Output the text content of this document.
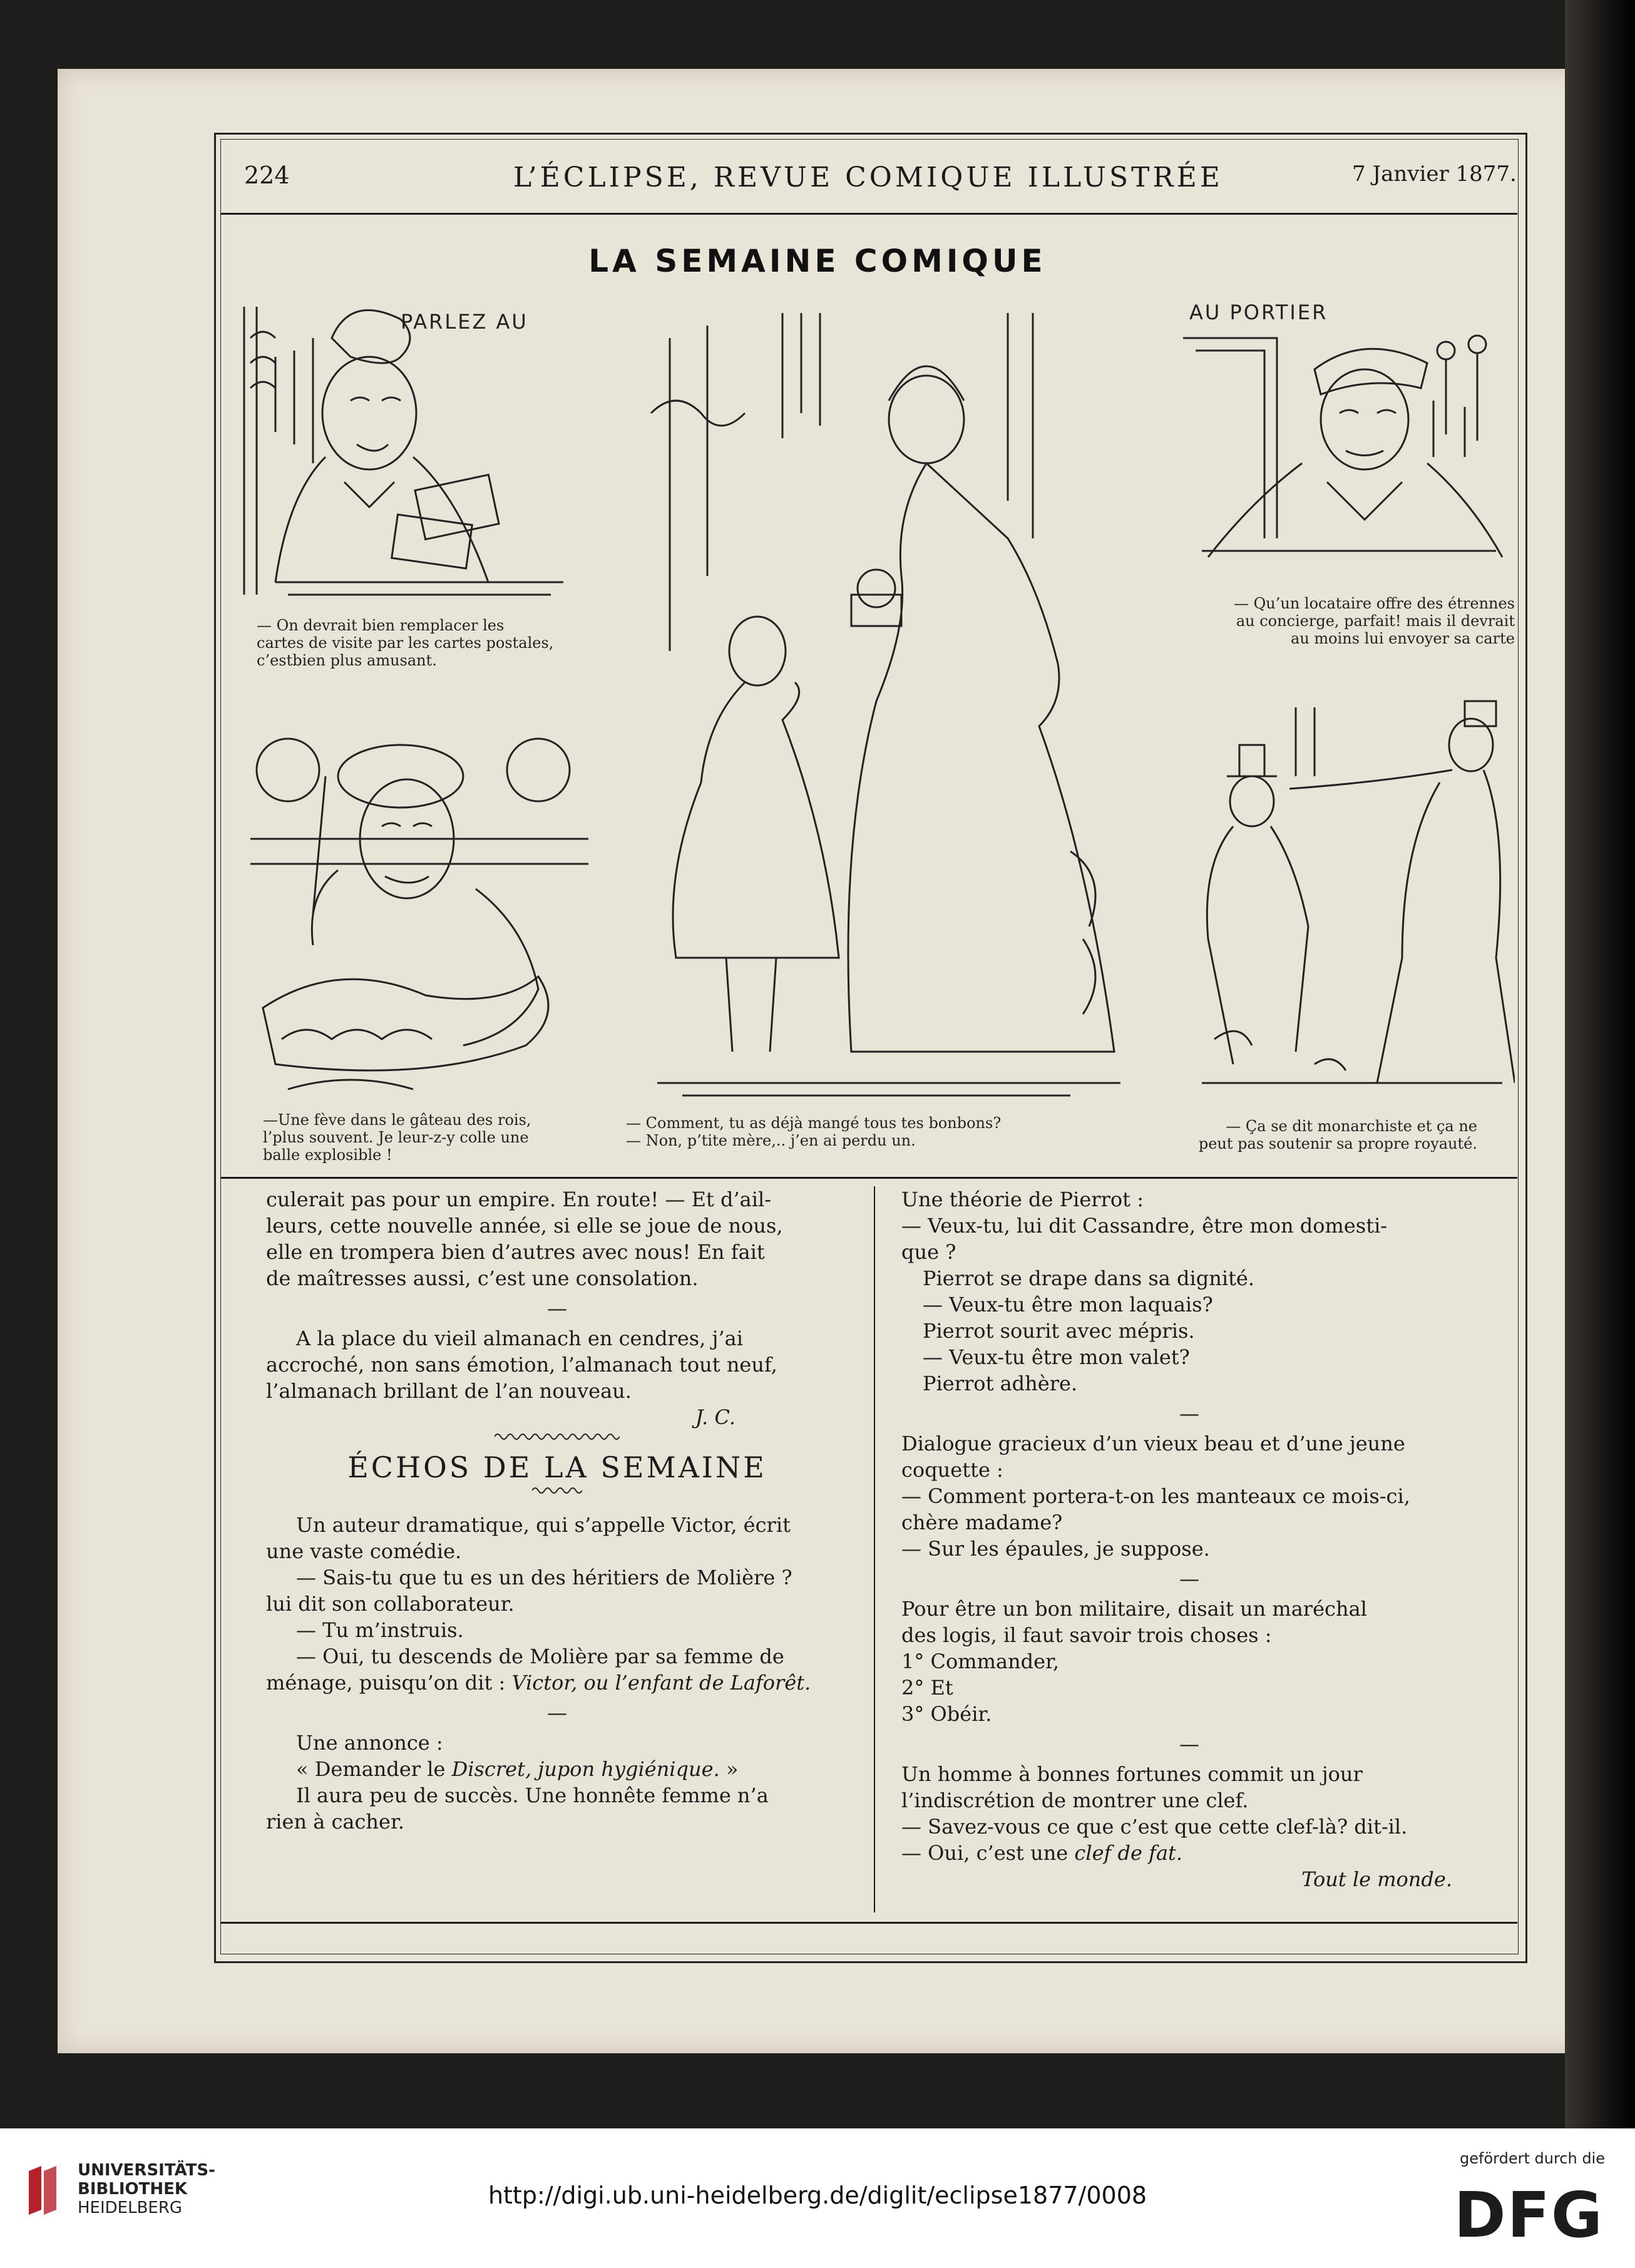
224	L’ÉCLIPSE, REVUE COMIQUE ILLUSTRÉE	7 Janvier 1877.
LA SEMAINE COMIQUE
PARLEZ AU
— On devrait bien remplacer les
cartes de visite par les cartes postales,
c’estbien plus amusant.
AU PORTIER
— Qu’un locataire offre des étrennes
au concierge, parfait! mais il devrait
au moins lui envoyer sa carte
—Une fève dans le gâteau des rois,
l’plus souvent. Je leur-z-y colle une
balle explosible !
— Comment, tu as déjà mangé tous tes bonbons?
— Non, p’tite mère,.. j’en ai perdu un.
— Ça se dit monarchiste et ça ne
peut pas soutenir sa propre royauté.

culerait pas pour un empire. En route! — Et d’ail-
leurs, cette nouvelle année, si elle se joue de nous,
elle en trompera bien d’autres avec nous! En fait
de maîtresses aussi, c’est une consolation.

—

A la place du vieil almanach en cendres, j’ai
accroché, non sans émotion, l’almanach tout neuf,
l’almanach brillant de l’an nouveau.

J. C.

ÉCHOS DE LA SEMAINE

Un auteur dramatique, qui s’appelle Victor, écrit
une vaste comédie.

— Sais-tu que tu es un des héritiers de Molière ?
lui dit son collaborateur.

— Tu m’instruis.

— Oui, tu descends de Molière par sa femme de
ménage, puisqu’on dit : Victor, ou l’enfant de Laforêt.

—

Une annonce :

« Demander le Discret, jupon hygiénique. »

Il aura peu de succès. Une honnête femme n’a
rien à cacher.

Une théorie de Pierrot :

— Veux-tu, lui dit Cassandre, être mon domesti-
que ?
Pierrot se drape dans sa dignité.
— Veux-tu être mon laquais?
Pierrot sourit avec mépris.
— Veux-tu être mon valet?
Pierrot adhère.

—

Dialogue gracieux d’un vieux beau et d’une jeune
coquette :
— Comment portera-t-on les manteaux ce mois-ci,
chère madame?
— Sur les épaules, je suppose.

—

Pour être un bon militaire, disait un maréchal
des logis, il faut savoir trois choses :
1° Commander,
2° Et
3° Obéir.

—

Un homme à bonnes fortunes commit un jour
l’indiscrétion de montrer une clef.
— Savez-vous ce que c’est que cette clef-là? dit-il.
— Oui, c’est une clef de fat.

Tout le monde.

UNIVERSITÄTS-
BIBLIOTHEK
HEIDELBERG	http://digi.ub.uni-heidelberg.de/diglit/eclipse1877/0008
gefördert durch die
DFG
